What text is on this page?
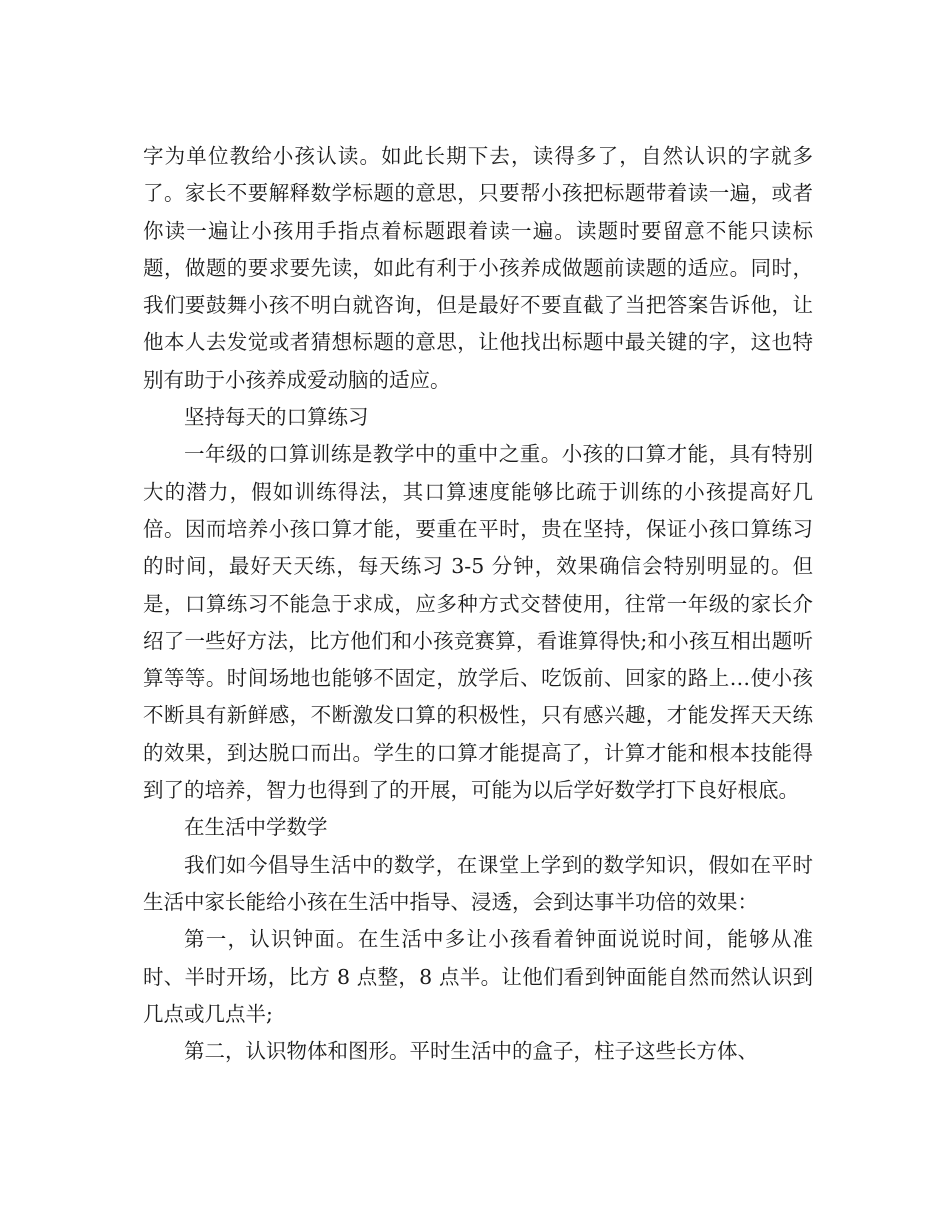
字为单位教给小孩认读。如此长期下去，读得多了，自然认识的字就多了。家长不要解释数学标题的意思，只要帮小孩把标题带着读一遍，或者你读一遍让小孩用手指点着标题跟着读一遍。读题时要留意不能只读标题，做题的要求要先读，如此有利于小孩养成做题前读题的适应。同时，我们要鼓舞小孩不明白就咨询，但是最好不要直截了当把答案告诉他，让他本人去发觉或者猜想标题的意思，让他找出标题中最关键的字，这也特别有助于小孩养成爱动脑的适应。

坚持每天的口算练习

一年级的口算训练是教学中的重中之重。小孩的口算才能，具有特别大的潜力，假如训练得法，其口算速度能够比疏于训练的小孩提高好几倍。因而培养小孩口算才能，要重在平时，贵在坚持，保证小孩口算练习的时间，最好天天练，每天练习 3-5 分钟，效果确信会特别明显的。但是，口算练习不能急于求成，应多种方式交替使用，往常一年级的家长介绍了一些好方法，比方他们和小孩竞赛算，看谁算得快;和小孩互相出题听算等等。时间场地也能够不固定，放学后、吃饭前、回家的路上…使小孩不断具有新鲜感，不断激发口算的积极性，只有感兴趣，才能发挥天天练的效果，到达脱口而出。学生的口算才能提高了，计算才能和根本技能得到了的培养，智力也得到了的开展，可能为以后学好数学打下良好根底。

在生活中学数学

我们如今倡导生活中的数学，在课堂上学到的数学知识，假如在平时生活中家长能给小孩在生活中指导、浸透，会到达事半功倍的效果：

第一，认识钟面。在生活中多让小孩看着钟面说说时间，能够从准时、半时开场，比方 8 点整，8 点半。让他们看到钟面能自然而然认识到几点或几点半;

第二，认识物体和图形。平时生活中的盒子，柱子这些长方体、
